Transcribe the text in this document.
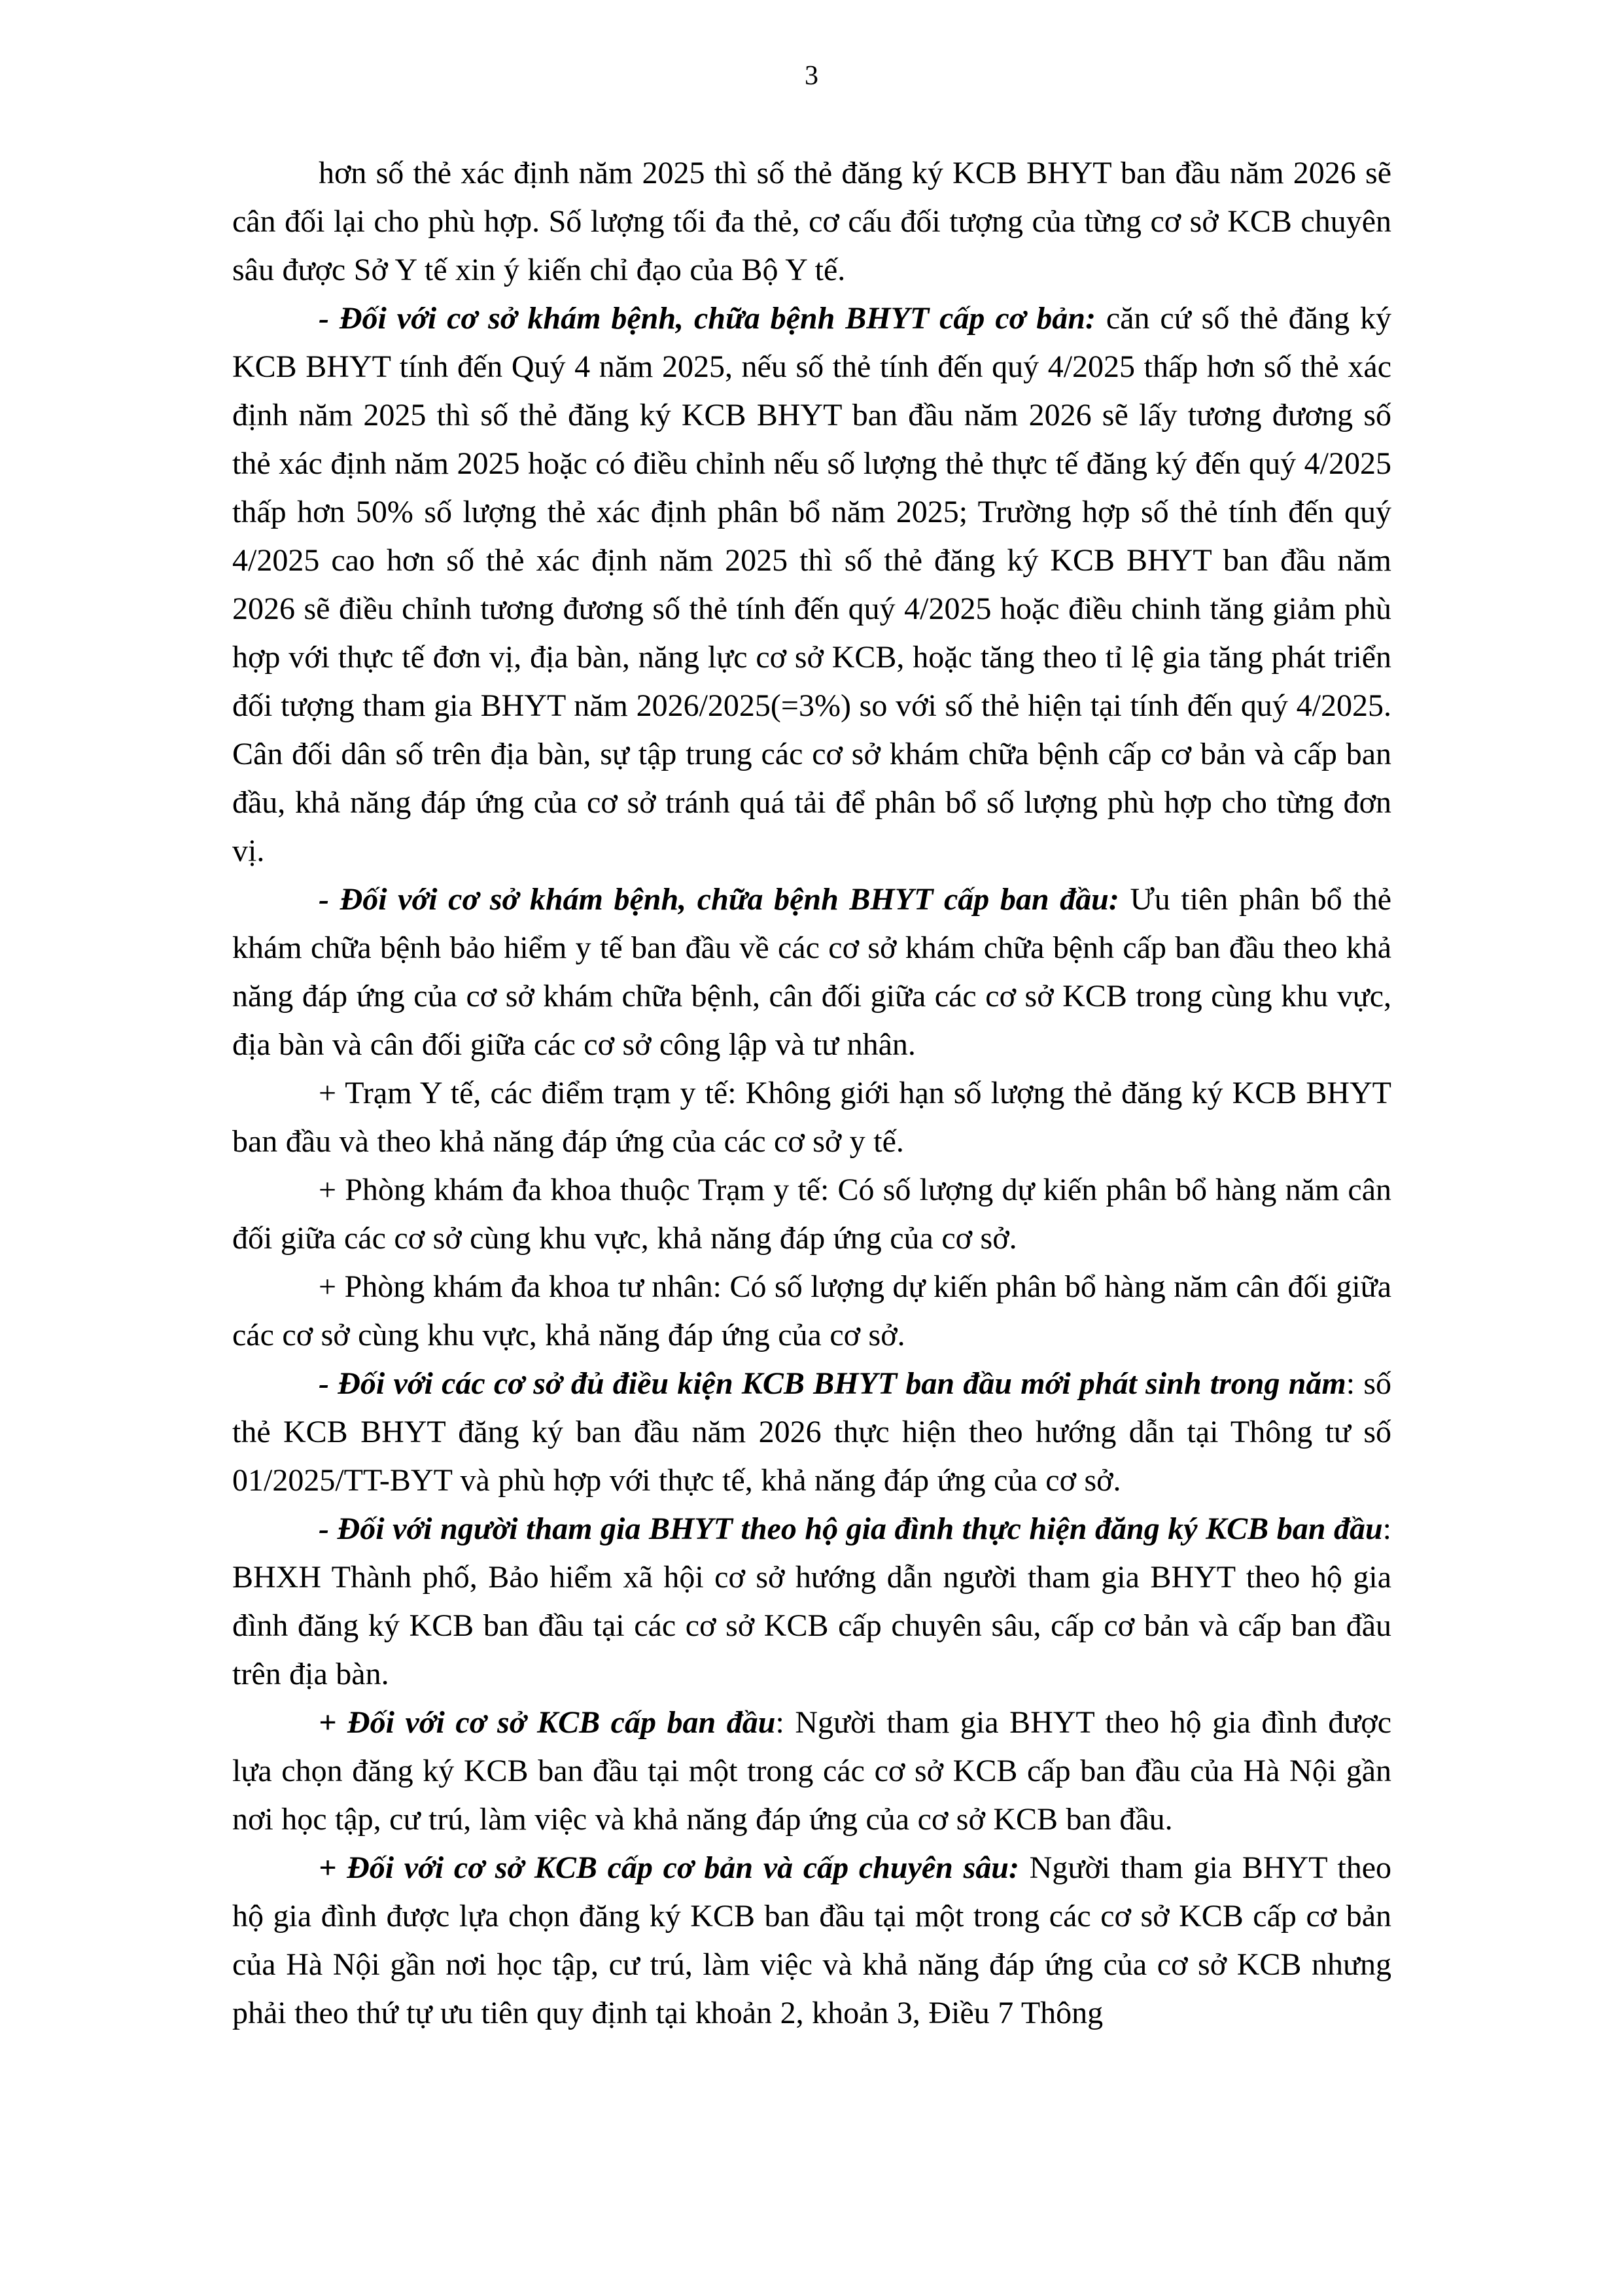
3

hơn số thẻ xác định năm 2025 thì số thẻ đăng ký KCB BHYT ban đầu năm 2026 sẽ cân đối lại cho phù hợp. Số lượng tối đa thẻ, cơ cấu đối tượng của từng cơ sở KCB chuyên sâu được Sở Y tế xin ý kiến chỉ đạo của Bộ Y tế.

- Đối với cơ sở khám bệnh, chữa bệnh BHYT cấp cơ bản: căn cứ số thẻ đăng ký KCB BHYT tính đến Quý 4 năm 2025, nếu số thẻ tính đến quý 4/2025 thấp hơn số thẻ xác định năm 2025 thì số thẻ đăng ký KCB BHYT ban đầu năm 2026 sẽ lấy tương đương số thẻ xác định năm 2025 hoặc có điều chỉnh nếu số lượng thẻ thực tế đăng ký đến quý 4/2025 thấp hơn 50% số lượng thẻ xác định phân bổ năm 2025; Trường hợp số thẻ tính đến quý 4/2025 cao hơn số thẻ xác định năm 2025 thì số thẻ đăng ký KCB BHYT ban đầu năm 2026 sẽ điều chỉnh tương đương số thẻ tính đến quý 4/2025 hoặc điều chinh tăng giảm phù hợp với thực tế đơn vị, địa bàn, năng lực cơ sở KCB, hoặc tăng theo tỉ lệ gia tăng phát triển đối tượng tham gia BHYT năm 2026/2025(=3%) so với số thẻ hiện tại tính đến quý 4/2025. Cân đối dân số trên địa bàn, sự tập trung các cơ sở khám chữa bệnh cấp cơ bản và cấp ban đầu, khả năng đáp ứng của cơ sở tránh quá tải để phân bổ số lượng phù hợp cho từng đơn vị.

- Đối với cơ sở khám bệnh, chữa bệnh BHYT cấp ban đầu: Ưu tiên phân bổ thẻ khám chữa bệnh bảo hiểm y tế ban đầu về các cơ sở khám chữa bệnh cấp ban đầu theo khả năng đáp ứng của cơ sở khám chữa bệnh, cân đối giữa các cơ sở KCB trong cùng khu vực, địa bàn và cân đối giữa các cơ sở công lập và tư nhân.

+ Trạm Y tế, các điểm trạm y tế: Không giới hạn số lượng thẻ đăng ký KCB BHYT ban đầu và theo khả năng đáp ứng của các cơ sở y tế.

+ Phòng khám đa khoa thuộc Trạm y tế: Có số lượng dự kiến phân bổ hàng năm cân đối giữa các cơ sở cùng khu vực, khả năng đáp ứng của cơ sở.

+ Phòng khám đa khoa tư nhân: Có số lượng dự kiến phân bổ hàng năm cân đối giữa các cơ sở cùng khu vực, khả năng đáp ứng của cơ sở.

- Đối với các cơ sở đủ điều kiện KCB BHYT ban đầu mới phát sinh trong năm: số thẻ KCB BHYT đăng ký ban đầu năm 2026 thực hiện theo hướng dẫn tại Thông tư số 01/2025/TT-BYT và phù hợp với thực tế, khả năng đáp ứng của cơ sở.

- Đối với người tham gia BHYT theo hộ gia đình thực hiện đăng ký KCB ban đầu: BHXH Thành phố, Bảo hiểm xã hội cơ sở hướng dẫn người tham gia BHYT theo hộ gia đình đăng ký KCB ban đầu tại các cơ sở KCB cấp chuyên sâu, cấp cơ bản và cấp ban đầu trên địa bàn.

+ Đối với cơ sở KCB cấp ban đầu: Người tham gia BHYT theo hộ gia đình được lựa chọn đăng ký KCB ban đầu tại một trong các cơ sở KCB cấp ban đầu của Hà Nội gần nơi học tập, cư trú, làm việc và khả năng đáp ứng của cơ sở KCB ban đầu.

+ Đối với cơ sở KCB cấp cơ bản và cấp chuyên sâu: Người tham gia BHYT theo hộ gia đình được lựa chọn đăng ký KCB ban đầu tại một trong các cơ sở KCB cấp cơ bản của Hà Nội gần nơi học tập, cư trú, làm việc và khả năng đáp ứng của cơ sở KCB nhưng phải theo thứ tự ưu tiên quy định tại khoản 2, khoản 3, Điều 7 Thông
